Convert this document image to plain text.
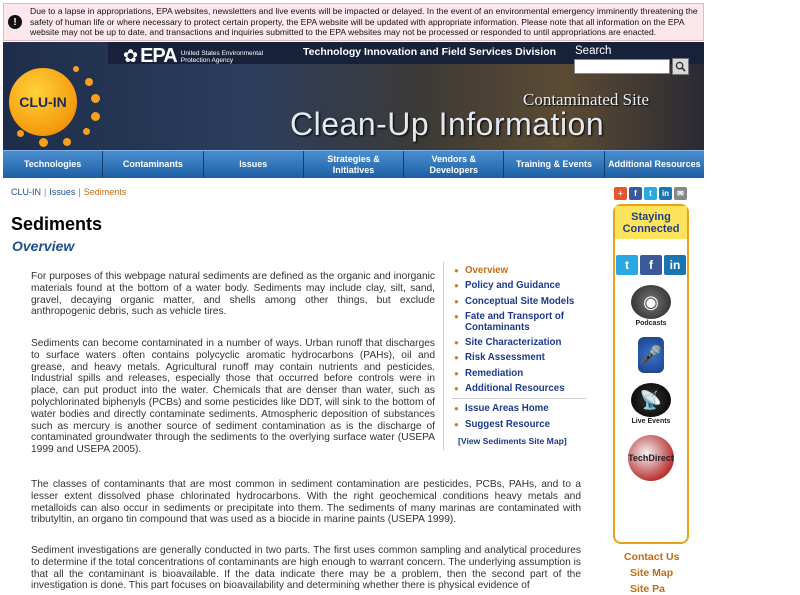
!
Due to a lapse in appropriations, EPA websites, newsletters and live events will be impacted or delayed. In the event of an environmental emergency imminently threatening the safety of human life or where necessary to protect certain property, the EPA website will be updated with appropriate information. Please note that all information on the EPA website may not be up to date, and transactions and inquiries submitted to the EPA websites may not be processed or responded to until appropriations are enacted.
✿ EPA United States Environmental Protection Agency
Technology Innovation and Field Services Division
CLU-IN
Search
Contaminated Site
Clean-Up Information
Technologies	Contaminants	Issues
Strategies & Initiatives
Vendors & Developers
Training & Events	Additional Resources
CLU-IN | Issues | Sediments
Sediments
Overview

For purposes of this webpage natural sediments are defined as the organic and inorganic materials found at the bottom of a water body. Sediments may include clay, silt, sand, gravel, decaying organic matter, and shells among other things, but exclude anthropogenic debris, such as vehicle tires.

Sediments can become contaminated in a number of ways. Urban runoff that discharges to surface waters often contains polycyclic aromatic hydrocarbons (PAHs), oil and grease, and heavy metals. Agricultural runoff may contain nutrients and pesticides. Industrial spills and releases, especially those that occurred before controls were in place, can put product into the water. Chemicals that are denser than water, such as polychlorinated biphenyls (PCBs) and some pesticides like DDT, will sink to the bottom of water bodies and directly contaminate sediments. Atmospheric deposition of substances such as mercury is another source of sediment contamination as is the discharge of contaminated groundwater through the sediments to the overlying surface water (USEPA 1999 and USEPA 2005).

The classes of contaminants that are most common in sediment contamination are pesticides, PCBs, PAHs, and to a lesser extent dissolved phase chlorinated hydrocarbons. With the right geochemical conditions heavy metals and metalloids can also occur in sediments or precipitate into them. The sediments of many marinas are contaminated with tributyltin, an organo tin compound that was used as a biocide in marine paints (USEPA 1999).

Sediment investigations are generally conducted in two parts. The first uses common sampling and analytical procedures to determine if the total concentrations of contaminants are high enough to warrant concern. The underlying assumption is that all the contaminant is bioavailable. If the data indicate there may be a problem, then the second part of the investigation is done. This part focuses on bioavailability and determining whether there is physical evidence of

● Overview
● Policy and Guidance
● Conceptual Site Models
● Fate and Transport of Contaminants
● Site Characterization
● Risk Assessment
● Remediation
● Additional Resources
● Issue Areas Home
● Suggest Resource
[View Sediments Site Map]
+	f	t	in	✉
Staying Connected
t	f	in
◉
Podcasts
🎤
📡
Live Events
TechDirect
Contact Us
Site Map
Site Pa
